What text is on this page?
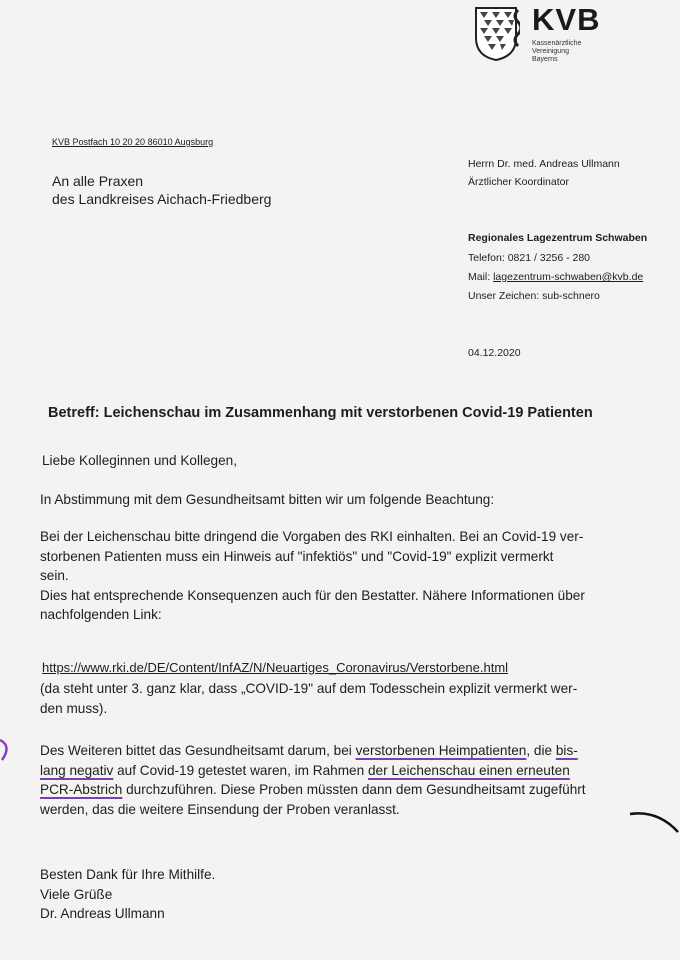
KVB
Kassenärztliche
Vereinigung
Bayerns

KVB Postfach 10 20 20 86010 Augsburg

An alle Praxen
des Landkreises Aichach-Friedberg

Herrn Dr. med. Andreas Ullmann

Ärztlicher Koordinator

Regionales Lagezentrum Schwaben

Telefon: 0821 / 3256 - 280

Mail: lagezentrum-schwaben@kvb.de

Unser Zeichen: sub-schnero

04.12.2020

Betreff: Leichenschau im Zusammenhang mit verstorbenen Covid-19 Patienten

Liebe Kolleginnen und Kollegen,

In Abstimmung mit dem Gesundheitsamt bitten wir um folgende Beachtung:

Bei der Leichenschau bitte dringend die Vorgaben des RKI einhalten. Bei an Covid-19 ver-
storbenen Patienten muss ein Hinweis auf "infektiös" und "Covid-19" explizit vermerkt
sein.
Dies hat entsprechende Konsequenzen auch für den Bestatter. Nähere Informationen über
nachfolgenden Link:

https://www.rki.de/DE/Content/InfAZ/N/Neuartiges_Coronavirus/Verstorbene.html

(da steht unter 3. ganz klar, dass „COVID-19" auf dem Todesschein explizit vermerkt wer-
den muss).
Des Weiteren bittet das Gesundheitsamt darum, bei verstorbenen Heimpatienten, die bis-
lang negativ auf Covid-19 getestet waren, im Rahmen der Leichenschau einen erneuten
PCR-Abstrich durchzuführen. Diese Proben müssten dann dem Gesundheitsamt zugeführt
werden, das die weitere Einsendung der Proben veranlasst.
Besten Dank für Ihre Mithilfe.
Viele Grüße
Dr. Andreas Ullmann
